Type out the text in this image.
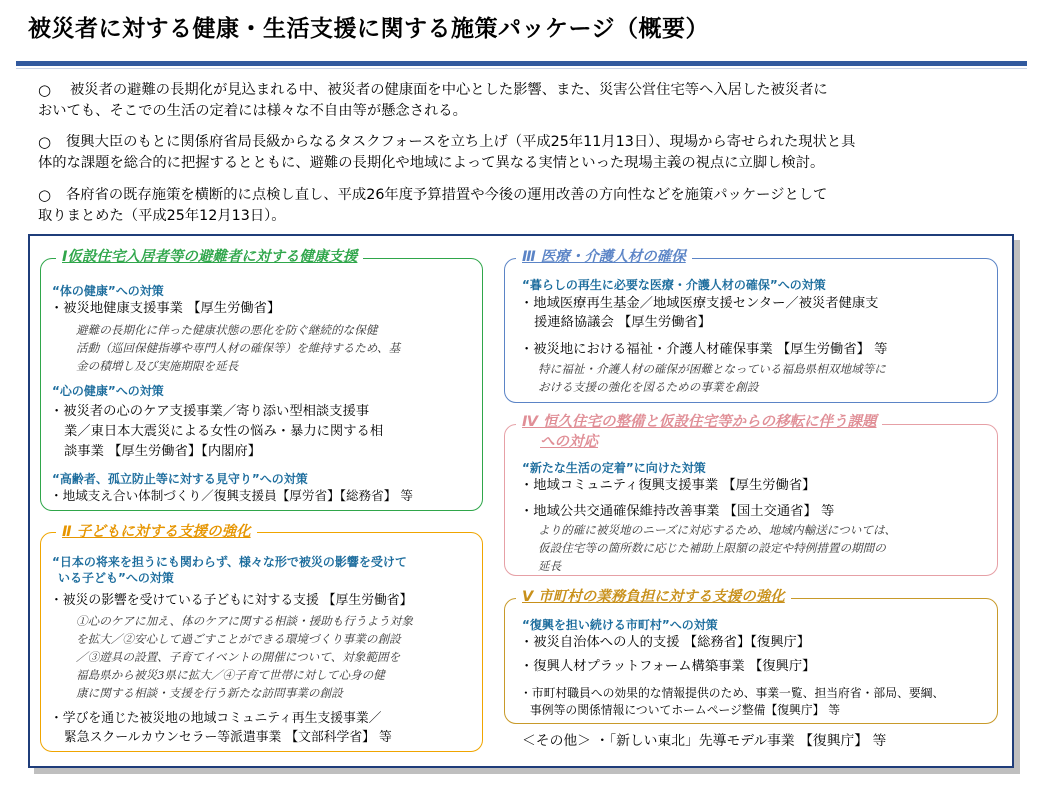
被災者に対する健康・生活支援に関する施策パッケージ（概要）
○	被災者の避難の長期化が見込まれる中、被災者の健康面を中心とした影響、また、災害公営住宅等へ入居した被災者に
おいても、そこでの生活の定着には様々な不自由等が懸念される。
○	復興大臣のもとに関係府省局長級からなるタスクフォースを立ち上げ（平成25年11月13日）、現場から寄せられた現状と具
体的な課題を総合的に把握するとともに、避難の長期化や地域によって異なる実情といった現場主義の視点に立脚し検討。
○	各府省の既存施策を横断的に点検し直し、平成26年度予算措置や今後の運用改善の方向性などを施策パッケージとして
取りまとめた（平成25年12月13日）。
Ⅰ仮設住宅入居者等の避難者に対する健康支援
“体の健康”への対策
・被災地健康支援事業 【厚生労働省】
避難の長期化に伴った健康状態の悪化を防ぐ継続的な保健
活動（巡回保健指導や専門人材の確保等）を維持するため、基
金の積増し及び実施期限を延長
“心の健康”への対策
・被災者の心のケア支援事業／寄り添い型相談支援事
業／東日本大震災による女性の悩み・暴力に関する相
談事業 【厚生労働省】【内閣府】
“高齢者、孤立防止等に対する見守り”への対策
・地域支え合い体制づくり／復興支援員【厚労省】【総務省】 等
Ⅱ 子どもに対する支援の強化
“日本の将来を担うにも関わらず、様々な形で被災の影響を受けて
いる子ども”への対策
・被災の影響を受けている子どもに対する支援 【厚生労働省】
①心のケアに加え、体のケアに関する相談・援助も行うよう対象
を拡大／②安心して過ごすことができる環境づくり事業の創設
／③遊具の設置、子育てイベントの開催について、対象範囲を
福島県から被災3県に拡大／④子育て世帯に対して心身の健
康に関する相談・支援を行う新たな訪問事業の創設
・学びを通じた被災地の地域コミュニティ再生支援事業／
緊急スクールカウンセラー等派遣事業 【文部科学省】 等
Ⅲ 医療・介護人材の確保
“暮らしの再生に必要な医療・介護人材の確保”への対策
・地域医療再生基金／地域医療支援センター／被災者健康支
援連絡協議会 【厚生労働省】
・被災地における福祉・介護人材確保事業 【厚生労働省】 等
特に福祉・介護人材の確保が困難となっている福島県相双地域等に
おける支援の強化を図るための事業を創設
Ⅳ 恒久住宅の整備と仮設住宅等からの移転に伴う課題
への対応
“新たな生活の定着”に向けた対策
・地域コミュニティ復興支援事業 【厚生労働省】
・地域公共交通確保維持改善事業 【国土交通省】 等
より的確に被災地のニーズに対応するため、地域内輸送については、
仮設住宅等の箇所数に応じた補助上限額の設定や特例措置の期間の
延長
Ⅴ 市町村の業務負担に対する支援の強化
“復興を担い続ける市町村”への対策
・被災自治体への人的支援 【総務省】【復興庁】
・復興人材プラットフォーム構築事業 【復興庁】
・市町村職員への効果的な情報提供のため、事業一覧、担当府省・部局、要綱、
事例等の関係情報についてホームページ整備【復興庁】 等
＜その他＞ ・「新しい東北」先導モデル事業 【復興庁】 等
